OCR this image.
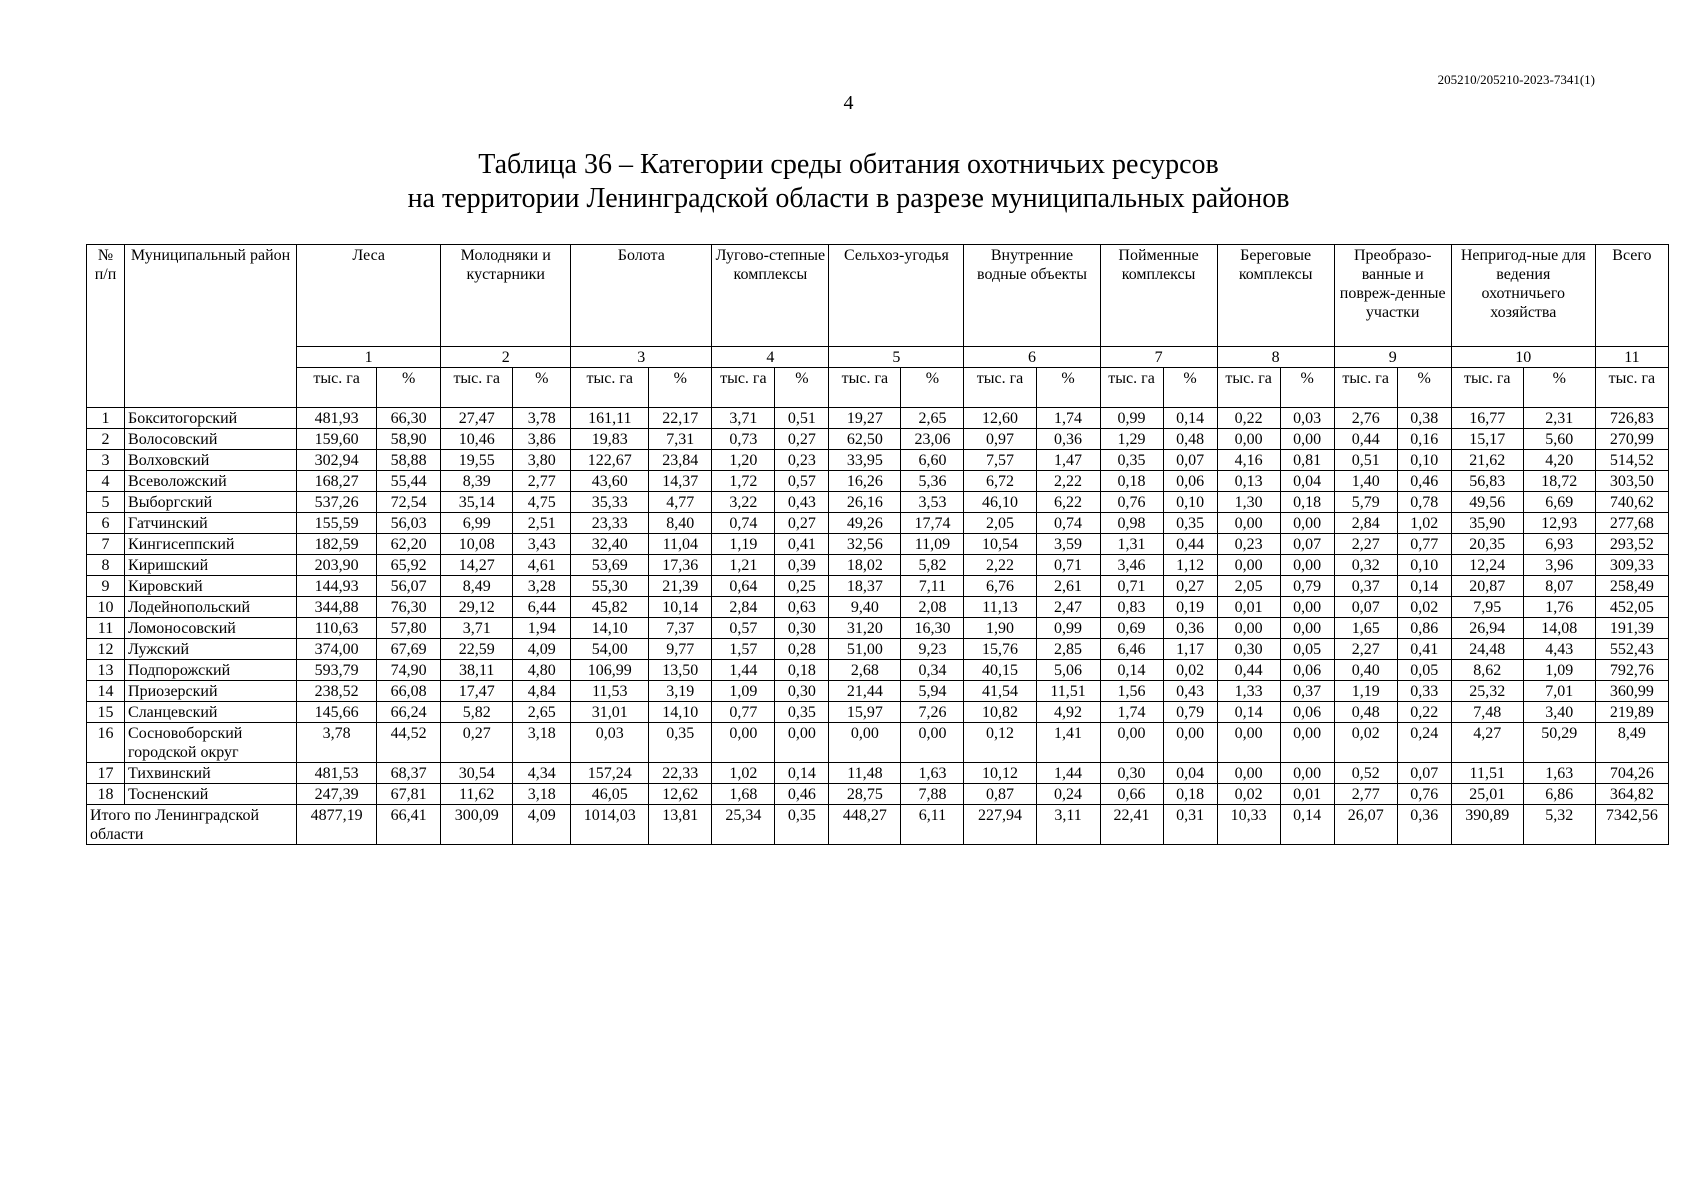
205210/205210-2023-7341(1)
4
Таблица 36 – Категории среды обитания охотничьих ресурсов
на территории Ленинградской области в разрезе муниципальных районов
№ п/п	Муниципальный район	Леса		Молодняки и кустарники		Болота		Лугово-степные комплексы		Сельхоз-угодья		Внутренние водные объекты		Пойменные комплексы		Береговые комплексы		Преобразо-ванные и повреж-денные участки		Непригод-ные для ведения охотничьего хозяйства		Всего
		1		2		3		4		5		6		7		8		9		10		11
		тыс. га	%	тыс. га	%	тыс. га	%	тыс. га	%	тыс. га	%	тыс. га	%	тыс. га	%	тыс. га	%	тыс. га	%	тыс. га	%	тыс. га
1	Бокситогорский	481,93	66,30	27,47	3,78	161,11	22,17	3,71	0,51	19,27	2,65	12,60	1,74	0,99	0,14	0,22	0,03	2,76	0,38	16,77	2,31	726,83
2	Волосовский	159,60	58,90	10,46	3,86	19,83	7,31	0,73	0,27	62,50	23,06	0,97	0,36	1,29	0,48	0,00	0,00	0,44	0,16	15,17	5,60	270,99
3	Волховский	302,94	58,88	19,55	3,80	122,67	23,84	1,20	0,23	33,95	6,60	7,57	1,47	0,35	0,07	4,16	0,81	0,51	0,10	21,62	4,20	514,52
4	Всеволожский	168,27	55,44	8,39	2,77	43,60	14,37	1,72	0,57	16,26	5,36	6,72	2,22	0,18	0,06	0,13	0,04	1,40	0,46	56,83	18,72	303,50
5	Выборгский	537,26	72,54	35,14	4,75	35,33	4,77	3,22	0,43	26,16	3,53	46,10	6,22	0,76	0,10	1,30	0,18	5,79	0,78	49,56	6,69	740,62
6	Гатчинский	155,59	56,03	6,99	2,51	23,33	8,40	0,74	0,27	49,26	17,74	2,05	0,74	0,98	0,35	0,00	0,00	2,84	1,02	35,90	12,93	277,68
7	Кингисеппский	182,59	62,20	10,08	3,43	32,40	11,04	1,19	0,41	32,56	11,09	10,54	3,59	1,31	0,44	0,23	0,07	2,27	0,77	20,35	6,93	293,52
8	Киришский	203,90	65,92	14,27	4,61	53,69	17,36	1,21	0,39	18,02	5,82	2,22	0,71	3,46	1,12	0,00	0,00	0,32	0,10	12,24	3,96	309,33
9	Кировский	144,93	56,07	8,49	3,28	55,30	21,39	0,64	0,25	18,37	7,11	6,76	2,61	0,71	0,27	2,05	0,79	0,37	0,14	20,87	8,07	258,49
10	Лодейнопольский	344,88	76,30	29,12	6,44	45,82	10,14	2,84	0,63	9,40	2,08	11,13	2,47	0,83	0,19	0,01	0,00	0,07	0,02	7,95	1,76	452,05
11	Ломоносовский	110,63	57,80	3,71	1,94	14,10	7,37	0,57	0,30	31,20	16,30	1,90	0,99	0,69	0,36	0,00	0,00	1,65	0,86	26,94	14,08	191,39
12	Лужский	374,00	67,69	22,59	4,09	54,00	9,77	1,57	0,28	51,00	9,23	15,76	2,85	6,46	1,17	0,30	0,05	2,27	0,41	24,48	4,43	552,43
13	Подпорожский	593,79	74,90	38,11	4,80	106,99	13,50	1,44	0,18	2,68	0,34	40,15	5,06	0,14	0,02	0,44	0,06	0,40	0,05	8,62	1,09	792,76
14	Приозерский	238,52	66,08	17,47	4,84	11,53	3,19	1,09	0,30	21,44	5,94	41,54	11,51	1,56	0,43	1,33	0,37	1,19	0,33	25,32	7,01	360,99
15	Сланцевский	145,66	66,24	5,82	2,65	31,01	14,10	0,77	0,35	15,97	7,26	10,82	4,92	1,74	0,79	0,14	0,06	0,48	0,22	7,48	3,40	219,89
16	Сосновоборский городской округ	3,78	44,52	0,27	3,18	0,03	0,35	0,00	0,00	0,00	0,00	0,12	1,41	0,00	0,00	0,00	0,00	0,02	0,24	4,27	50,29	8,49
17	Тихвинский	481,53	68,37	30,54	4,34	157,24	22,33	1,02	0,14	11,48	1,63	10,12	1,44	0,30	0,04	0,00	0,00	0,52	0,07	11,51	1,63	704,26
18	Тосненский	247,39	67,81	11,62	3,18	46,05	12,62	1,68	0,46	28,75	7,88	0,87	0,24	0,66	0,18	0,02	0,01	2,77	0,76	25,01	6,86	364,82
Итого по Ленинградской области		4877,19	66,41	300,09	4,09	1014,03	13,81	25,34	0,35	448,27	6,11	227,94	3,11	22,41	0,31	10,33	0,14	26,07	0,36	390,89	5,32	7342,56
